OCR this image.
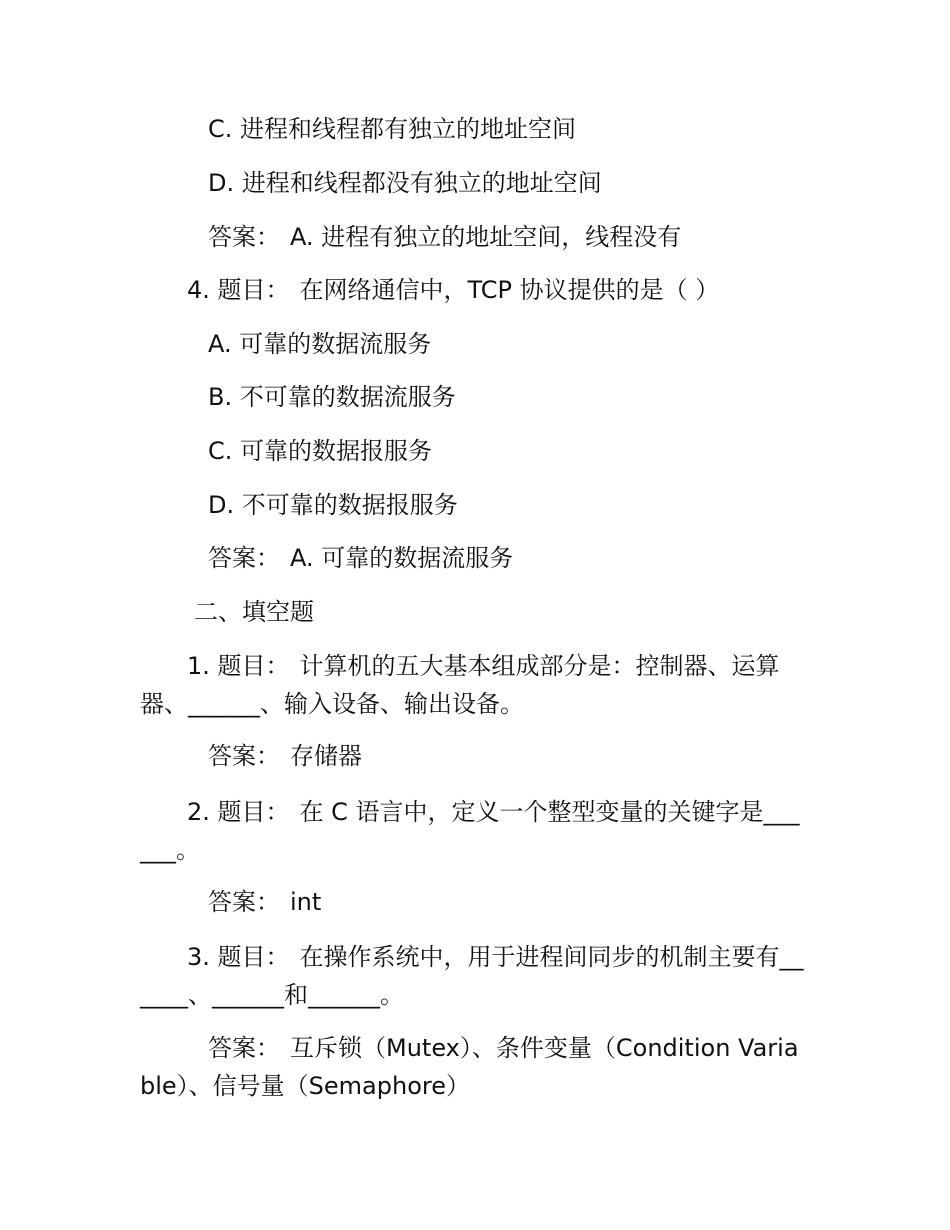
C. 进程和线程都有独立的地址空间
D. 进程和线程都没有独立的地址空间
答案： A. 进程有独立的地址空间，线程没有
4. 题目： 在网络通信中，TCP 协议提供的是（ ）
A. 可靠的数据流服务
B. 不可靠的数据流服务
C. 可靠的数据报服务
D. 不可靠的数据报服务
答案： A. 可靠的数据流服务
二、填空题
1. 题目： 计算机的五大基本组成部分是：控制器、运算器、______、输入设备、输出设备。
答案： 存储器
2. 题目： 在 C 语言中，定义一个整型变量的关键字是______。
答案： int
3. 题目： 在操作系统中，用于进程间同步的机制主要有______、______和______。
答案： 互斥锁（Mutex）、条件变量（Condition Variable）、信号量（Semaphore）
